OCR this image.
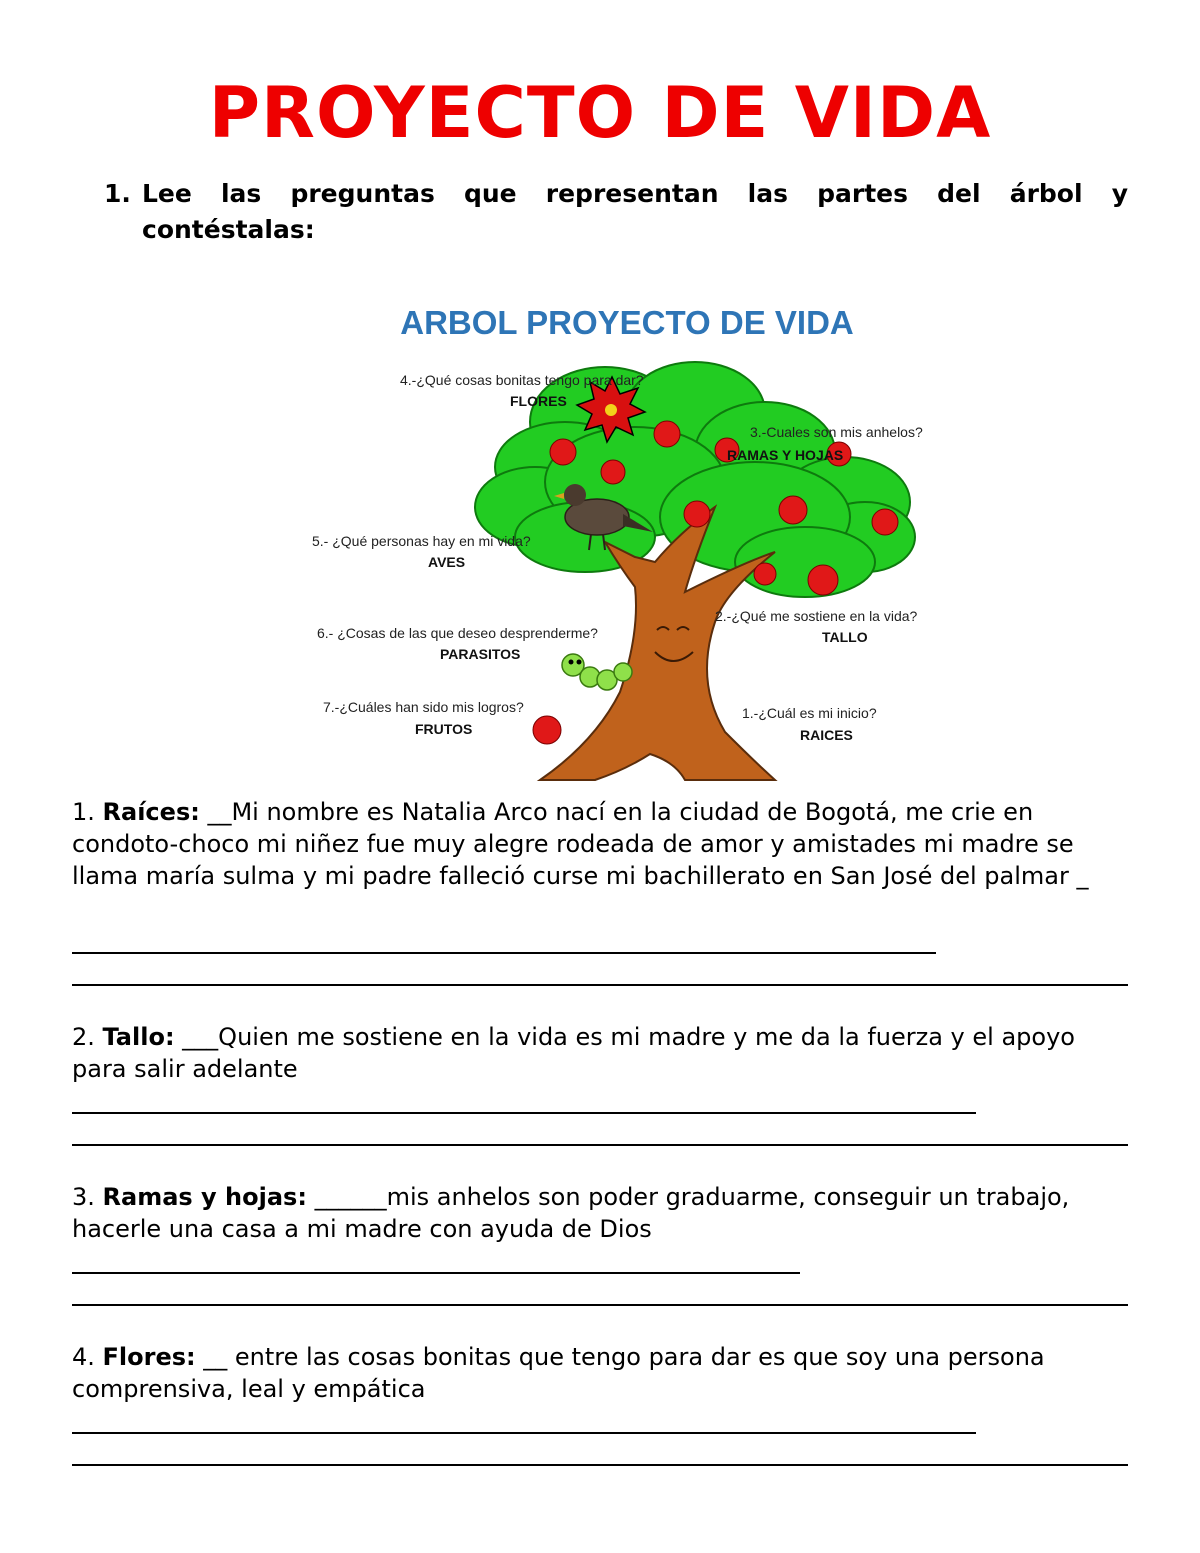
PROYECTO DE VIDA
1. Lee las preguntas que representan las partes del árbol y contéstalas:
ARBOL PROYECTO DE VIDA
4.-¿Qué cosas bonitas tengo para dar?
FLORES
3.-Cuales son mis anhelos?
RAMAS Y HOJAS
5.- ¿Qué personas hay en mi vida?
AVES
2.-¿Qué me sostiene en la vida?
TALLO
6.- ¿Cosas de las que deseo desprenderme?
PARASITOS
7.-¿Cuáles han sido mis logros?
FRUTOS
1.-¿Cuál es mi inicio?
RAICES
1. Raíces: __Mi nombre es Natalia Arco nací en la ciudad de Bogotá, me crie en condoto-choco mi niñez fue muy alegre rodeada de amor y amistades mi madre se llama maría sulma y mi padre falleció curse mi bachillerato en San José del palmar _
2. Tallo: ___Quien me sostiene en la vida es mi madre y me da la fuerza y el apoyo para salir adelante
3. Ramas y hojas: ______mis anhelos son poder graduarme, conseguir un trabajo, hacerle una casa a mi madre con ayuda de Dios
4. Flores: __ entre las cosas bonitas que tengo para dar es que soy una persona comprensiva, leal y empática
